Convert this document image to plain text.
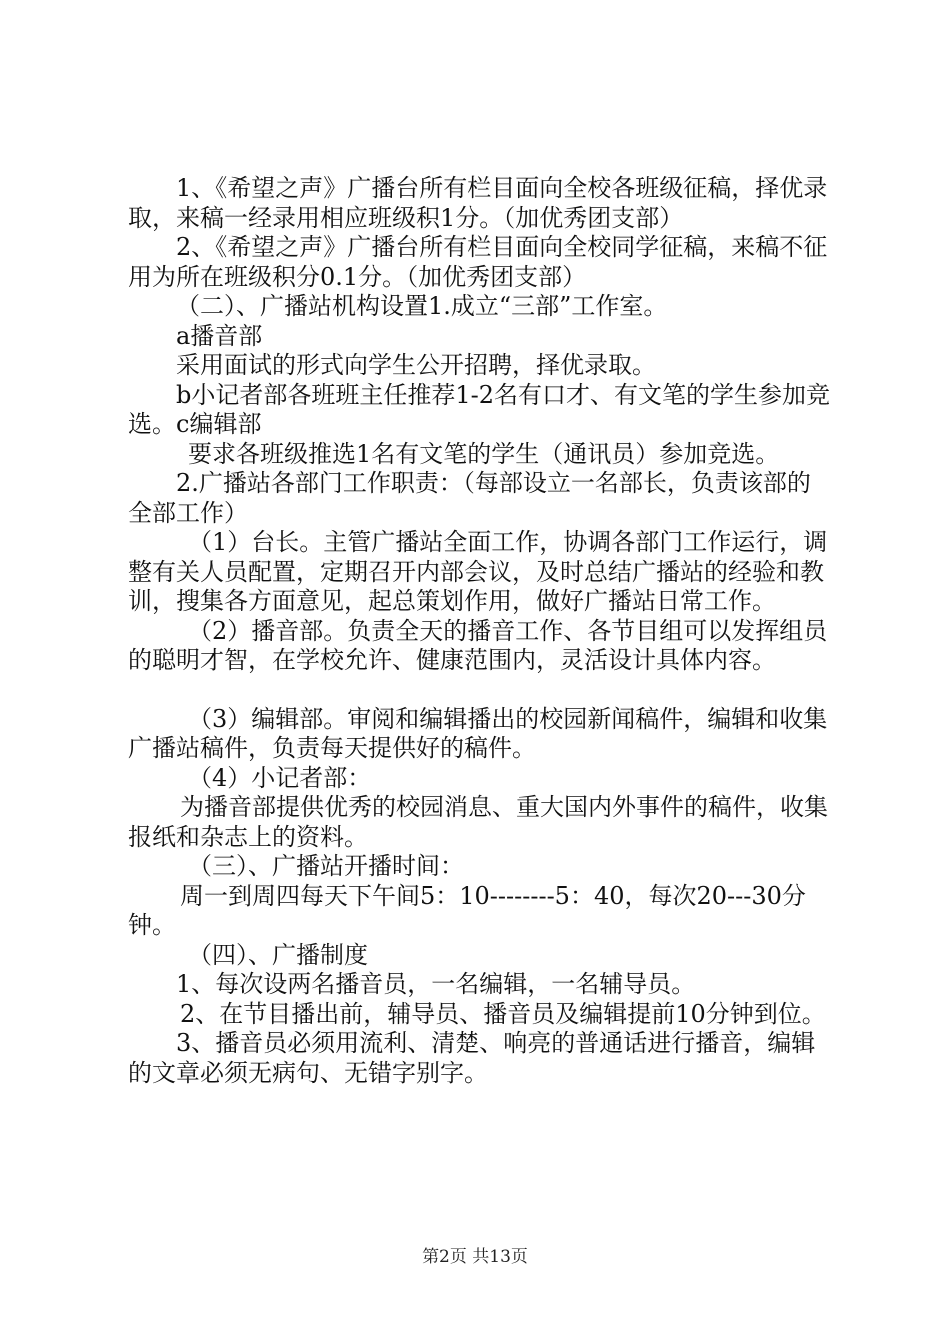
1、《希望之声》广播台所有栏目面向全校各班级征稿，择优录取，来稿一经录用相应班级积1分。（加优秀团支部）

2、《希望之声》广播台所有栏目面向全校同学征稿，来稿不征用为所在班级积分0.1分。（加优秀团支部）

（二）、广播站机构设置1.成立“三部”工作室。

a播音部

采用面试的形式向学生公开招聘，择优录取。

b小记者部各班班主任推荐1-2名有口才、有文笔的学生参加竞选。c编辑部

要求各班级推选1名有文笔的学生（通讯员）参加竞选。

2.广播站各部门工作职责：（每部设立一名部长，负责该部的全部工作）

（1）台长。主管广播站全面工作，协调各部门工作运行，调整有关人员配置，定期召开内部会议，及时总结广播站的经验和教训，搜集各方面意见，起总策划作用，做好广播站日常工作。

（2）播音部。负责全天的播音工作、各节目组可以发挥组员的聪明才智，在学校允许、健康范围内，灵活设计具体内容。

（3）编辑部。审阅和编辑播出的校园新闻稿件，编辑和收集广播站稿件，负责每天提供好的稿件。

（4）小记者部：

为播音部提供优秀的校园消息、重大国内外事件的稿件，收集报纸和杂志上的资料。

（三）、广播站开播时间：

周一到周四每天下午间5：10--------5：40，每次20---30分钟。

（四）、广播制度

1、每次设两名播音员，一名编辑，一名辅导员。

2、在节目播出前，辅导员、播音员及编辑提前10分钟到位。

3、播音员必须用流利、清楚、响亮的普通话进行播音，编辑的文章必须无病句、无错字别字。

第2页 共13页
